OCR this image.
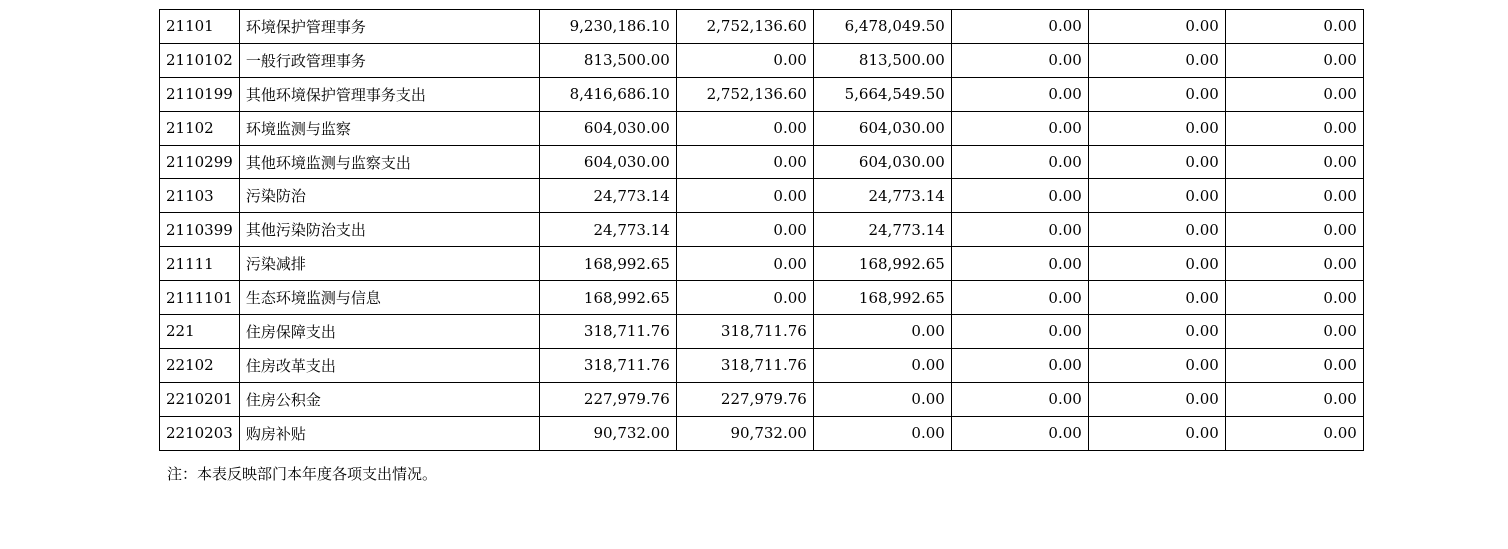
21101	环境保护管理事务	9,230,186.10	2,752,136.60	6,478,049.50	0.00	0.00	0.00
2110102	一般行政管理事务	813,500.00	0.00	813,500.00	0.00	0.00	0.00
2110199	其他环境保护管理事务支出	8,416,686.10	2,752,136.60	5,664,549.50	0.00	0.00	0.00
21102	环境监测与监察	604,030.00	0.00	604,030.00	0.00	0.00	0.00
2110299	其他环境监测与监察支出	604,030.00	0.00	604,030.00	0.00	0.00	0.00
21103	污染防治	24,773.14	0.00	24,773.14	0.00	0.00	0.00
2110399	其他污染防治支出	24,773.14	0.00	24,773.14	0.00	0.00	0.00
21111	污染减排	168,992.65	0.00	168,992.65	0.00	0.00	0.00
2111101	生态环境监测与信息	168,992.65	0.00	168,992.65	0.00	0.00	0.00
221	住房保障支出	318,711.76	318,711.76	0.00	0.00	0.00	0.00
22102	住房改革支出	318,711.76	318,711.76	0.00	0.00	0.00	0.00
2210201	住房公积金	227,979.76	227,979.76	0.00	0.00	0.00	0.00
2210203	购房补贴	90,732.00	90,732.00	0.00	0.00	0.00	0.00
注：本表反映部门本年度各项支出情况。
